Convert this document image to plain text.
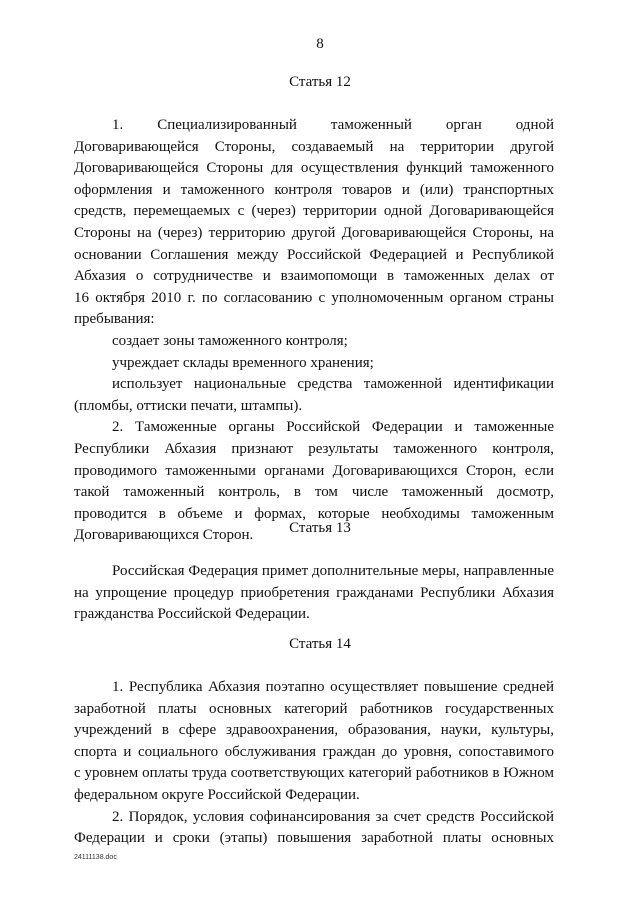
8
Статья 12
1. Специализированный таможенный орган одной
Договаривающейся Стороны, создаваемый на территории другой
Договаривающейся Стороны для осуществления функций таможенного
оформления и таможенного контроля товаров и (или) транспортных
средств, перемещаемых с (через) территории одной Договаривающейся
Стороны на (через) территорию другой Договаривающейся Стороны, на
основании Соглашения между Российской Федерацией и Республикой
Абхазия о сотрудничестве и взаимопомощи в таможенных делах от
16 октября 2010 г. по согласованию с уполномоченным органом страны
пребывания:
создает зоны таможенного контроля;
учреждает склады временного хранения;
использует национальные средства таможенной идентификации
(пломбы, оттиски печати, штампы).
2. Таможенные органы Российской Федерации и таможенные
Республики Абхазия признают результаты таможенного контроля,
проводимого таможенными органами Договаривающихся Сторон, если
такой таможенный контроль, в том числе таможенный досмотр,
проводится в объеме и формах, которые необходимы таможенным
Договаривающихся Сторон.	Статья 13
Российская Федерация примет дополнительные меры, направленные
на упрощение процедур приобретения гражданами Республики Абхазия
гражданства Российской Федерации.
Статья 14
1. Республика Абхазия поэтапно осуществляет повышение средней
заработной платы основных категорий работников государственных
учреждений в сфере здравоохранения, образования, науки, культуры,
спорта и социального обслуживания граждан до уровня, сопоставимого
с уровнем оплаты труда соответствующих категорий работников в Южном
федеральном округе Российской Федерации.
2. Порядок, условия софинансирования за счет средств Российской
Федерации и сроки (этапы) повышения заработной платы основных
24111138.doc
